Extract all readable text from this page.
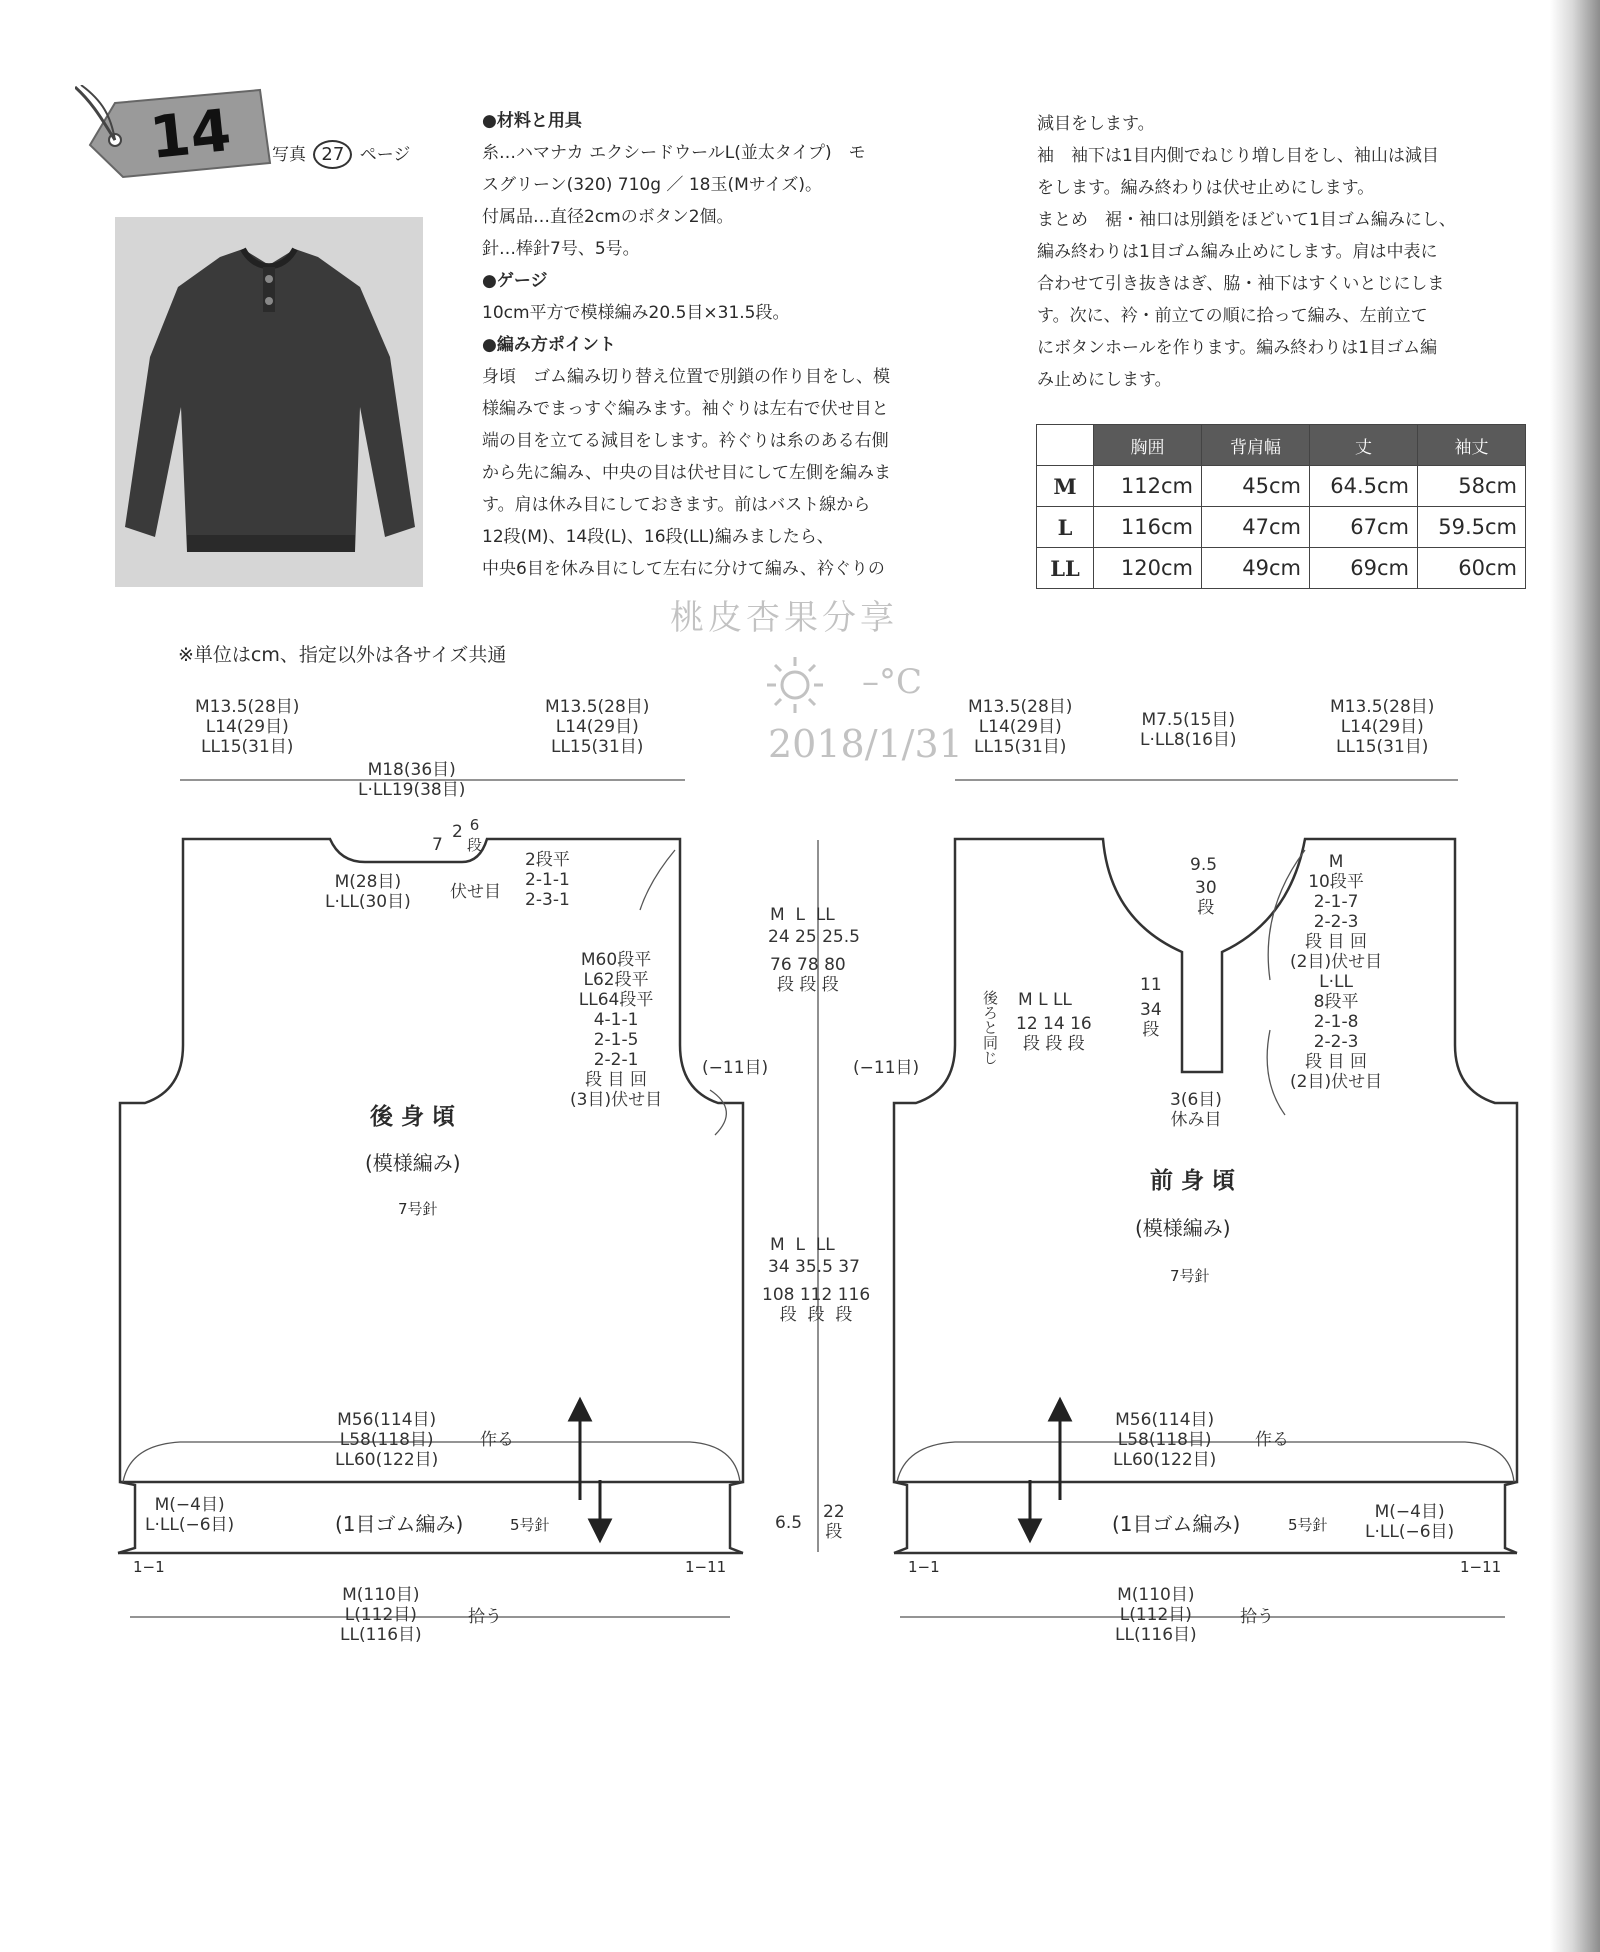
14 写真 27 ページ
●材料と用具
糸…ハマナカ エクシードウールL(並太タイプ)　モ
スグリーン(320) 710g ／ 18玉(Mサイズ)。
付属品…直径2cmのボタン2個。
針…棒針7号、5号。
●ゲージ
10cm平方で模様編み20.5目×31.5段。
●編み方ポイント
身頃　ゴム編み切り替え位置で別鎖の作り目をし、模
様編みでまっすぐ編みます。袖ぐりは左右で伏せ目と
端の目を立てる減目をします。衿ぐりは糸のある右側
から先に編み、中央の目は伏せ目にして左側を編みま
す。肩は休み目にしておきます。前はバスト線から
12段(M)、14段(L)、16段(LL)編みましたら、
中央6目を休み目にして左右に分けて編み、衿ぐりの
減目をします。
袖　袖下は1目内側でねじり増し目をし、袖山は減目
をします。編み終わりは伏せ止めにします。
まとめ　裾・袖口は別鎖をほどいて1目ゴム編みにし、
編み終わりは1目ゴム編み止めにします。肩は中表に
合わせて引き抜きはぎ、脇・袖下はすくいとじにしま
す。次に、衿・前立ての順に拾って編み、左前立て
にボタンホールを作ります。編み終わりは1目ゴム編
み止めにします。
	胸囲	背肩幅	丈	袖丈
M	112cm	45cm	64.5cm	58cm
L	116cm	47cm	67cm	59.5cm
LL	120cm	49cm	69cm	60cm
桃皮杏果分享
–°C
2018/1/31
※単位はcm、指定以外は各サイズ共通
M13.5(28目)
L14(29目)
LL15(31目)
M18(36目)
L·LL19(38目)
M13.5(28目)
L14(29目)
LL15(31目)
2 6
段
7
M(28目)
L·LL(30目) 伏せ目
2段平
2-1-1
2-3-1
M60段平
L62段平
LL64段平
4-1-1
2-1-5
2-2-1
段 目 回
(3目)伏せ目
(−11目)
後身頃
(模様編み)
7号針
M56(114目)
L58(118目)
LL60(122目)
作る
M(−4目)
L·LL(−6目)	(1目ゴム編み)	5号針
1−1	1−11
M(110目)
L(112目)
LL(116目)
拾う
M  L  LL
24 25 25.5
76 78 80
段 段 段
M  L  LL
34 35.5 37
108 112 116
段  段  段
6.5
22
段
M13.5(28目)
L14(29目)
LL15(31目)
M7.5(15目)
L·LL8(16目)
M13.5(28目)
L14(29目)
LL15(31目)
9.5
30
段
11
34
段
3(6目)
休み目
M
10段平
2-1-7
2-2-3
段 目 回
(2目)伏せ目
L·LL
8段平
2-1-8
2-2-3
段 目 回
(2目)伏せ目
後ろと同じ M L LL
12 14 16
段 段 段
(−11目)
前身頃
(模様編み)
7号針
M56(114目)
L58(118目)
LL60(122目)
作る
(1目ゴム編み)	5号針
M(−4目)
L·LL(−6目)
1−1	1−11
M(110目)
L(112目)
LL(116目)
拾う
